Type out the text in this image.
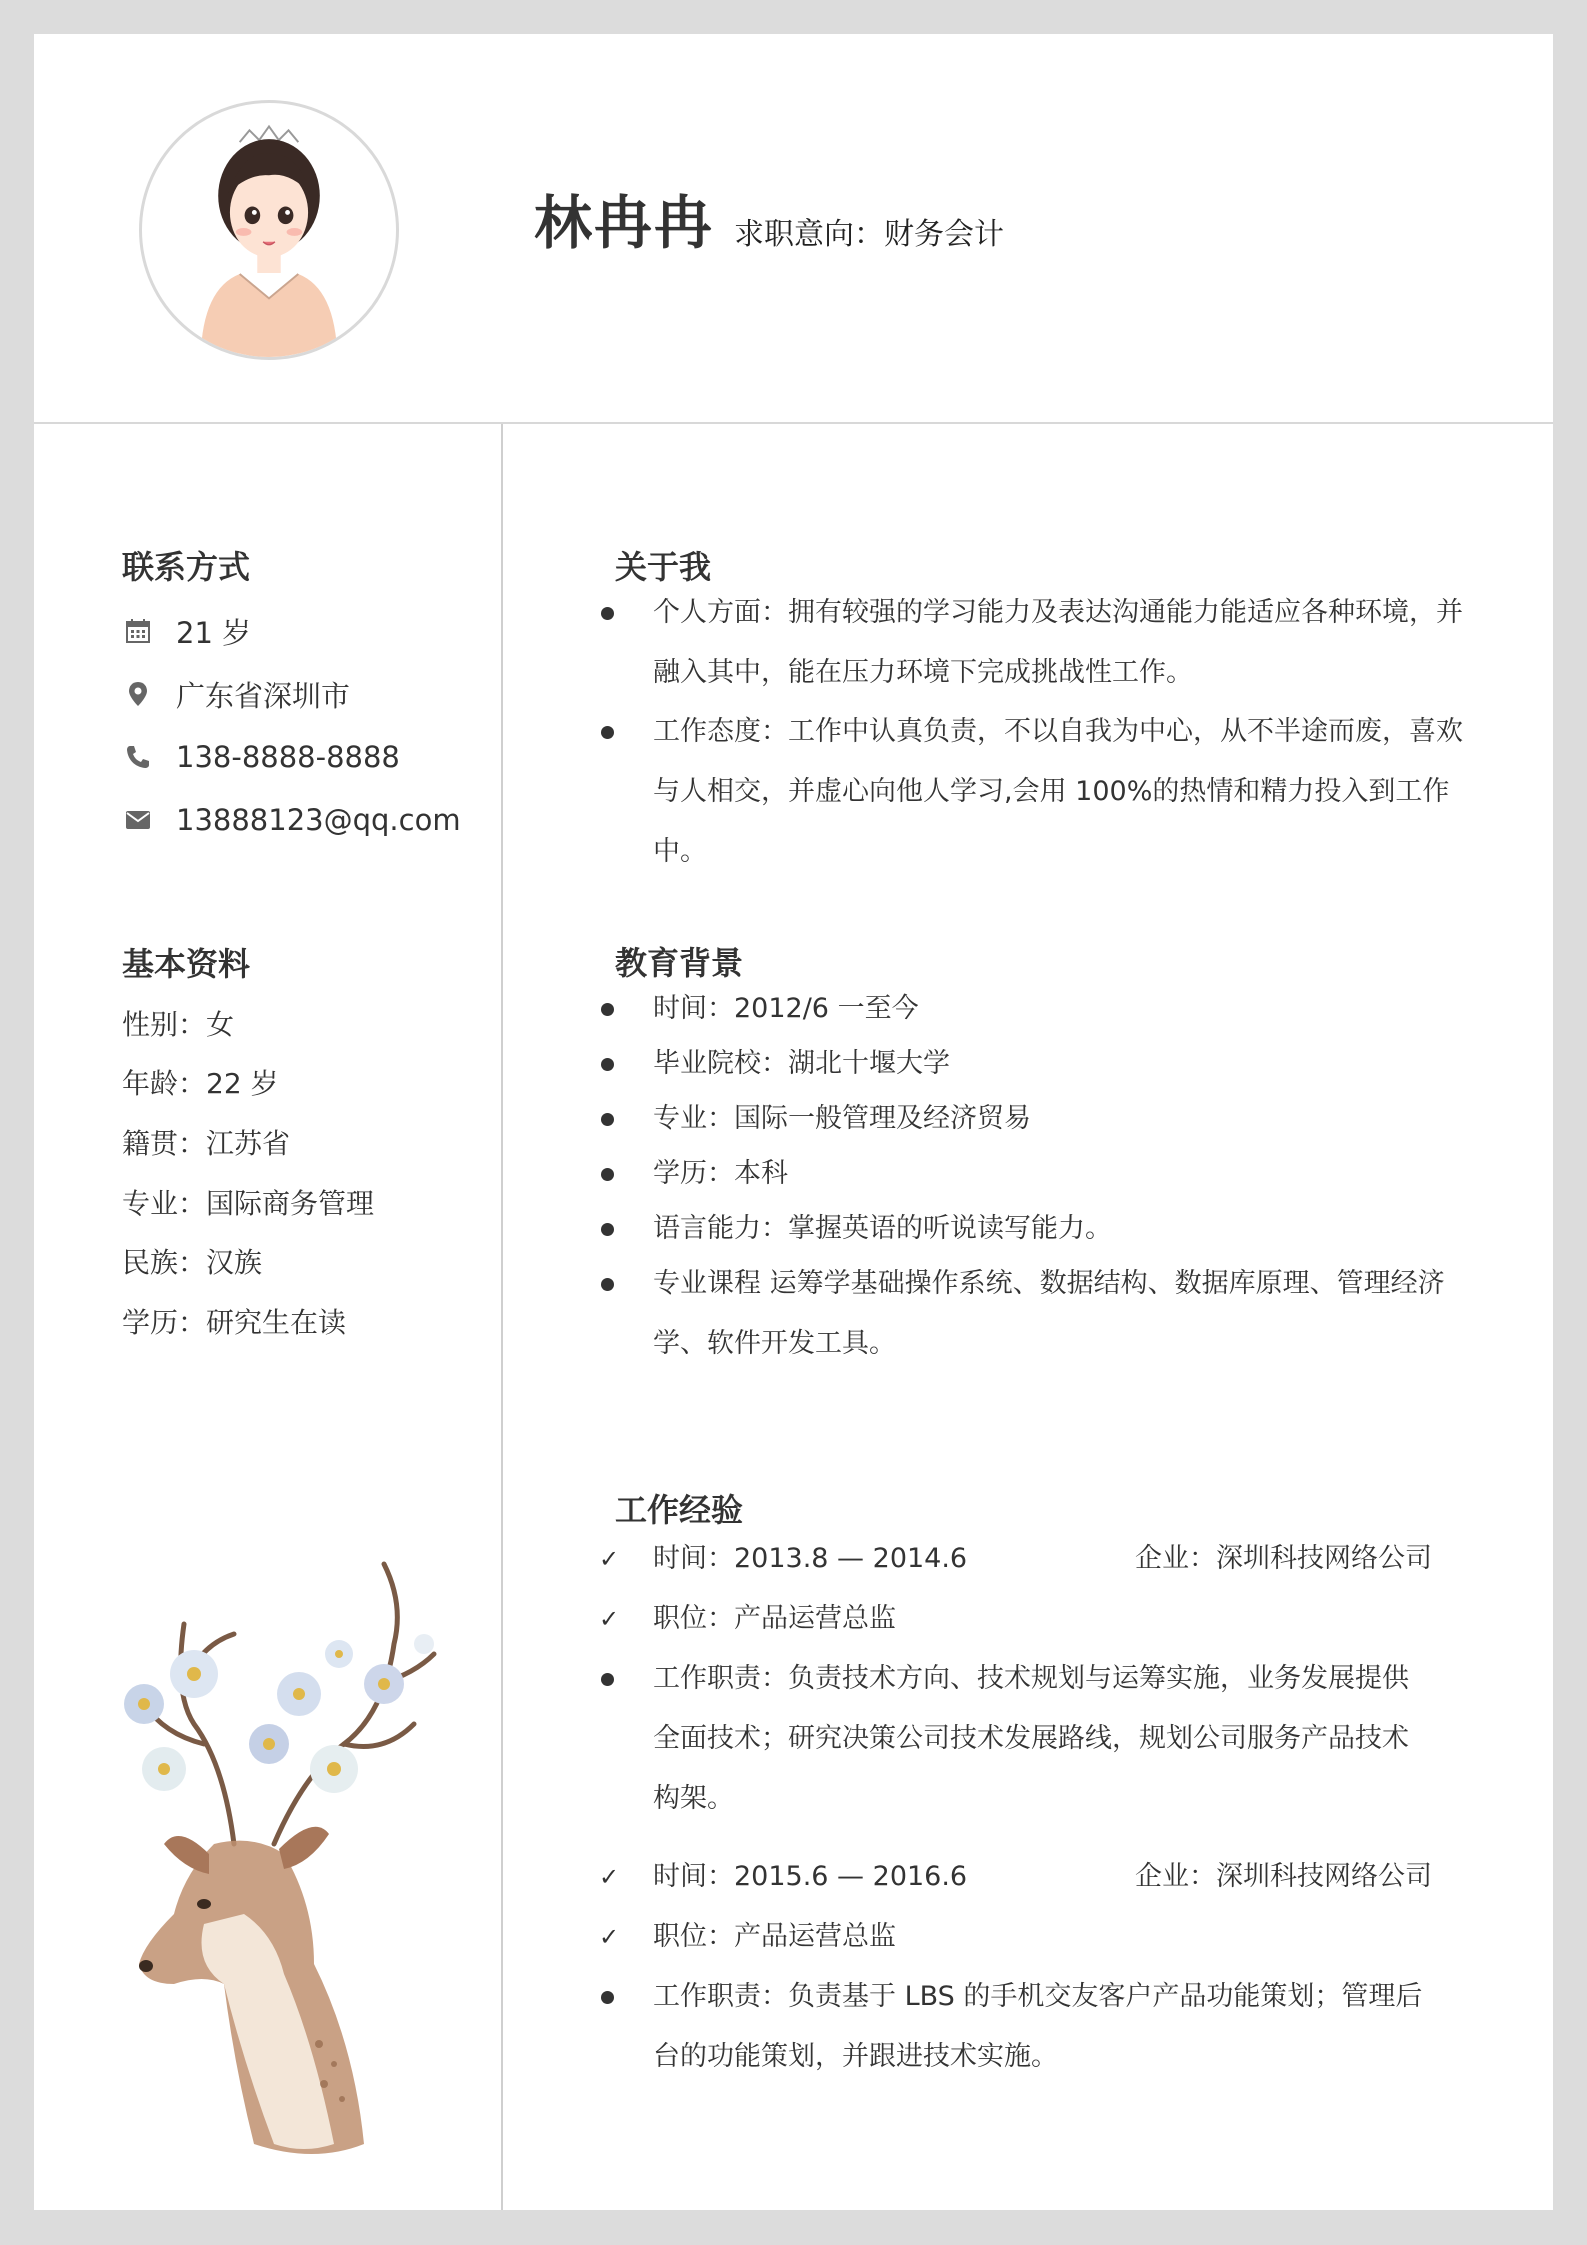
林冉冉 求职意向：财务会计
联系方式
21 岁
广东省深圳市
138-8888-8888
13888123@qq.com
基本资料
性别：女
年龄：22 岁
籍贯：江苏省
专业：国际商务管理
民族：汉族
学历：研究生在读
关于我
个人方面：拥有较强的学习能力及表达沟通能力能适应各种环境，并融入其中，能在压力环境下完成挑战性工作。
工作态度：工作中认真负责，不以自我为中心，从不半途而废，喜欢与人相交，并虚心向他人学习,会用 100%的热情和精力投入到工作中。
教育背景
时间：2012/6 一至今
毕业院校：湖北十堰大学
专业：国际一般管理及经济贸易
学历：本科
语言能力：掌握英语的听说读写能力。
专业课程 运筹学基础操作系统、数据结构、数据库原理、管理经济学、软件开发工具。
工作经验
✓ 时间：2013.8 — 2014.6	企业：深圳科技网络公司
✓ 职位：产品运营总监
工作职责：负责技术方向、技术规划与运筹实施，业务发展提供全面技术；研究决策公司技术发展路线，规划公司服务产品技术构架。
✓ 时间：2015.6 — 2016.6	企业：深圳科技网络公司
✓ 职位：产品运营总监
工作职责：负责基于 LBS 的手机交友客户产品功能策划；管理后台的功能策划，并跟进技术实施。
